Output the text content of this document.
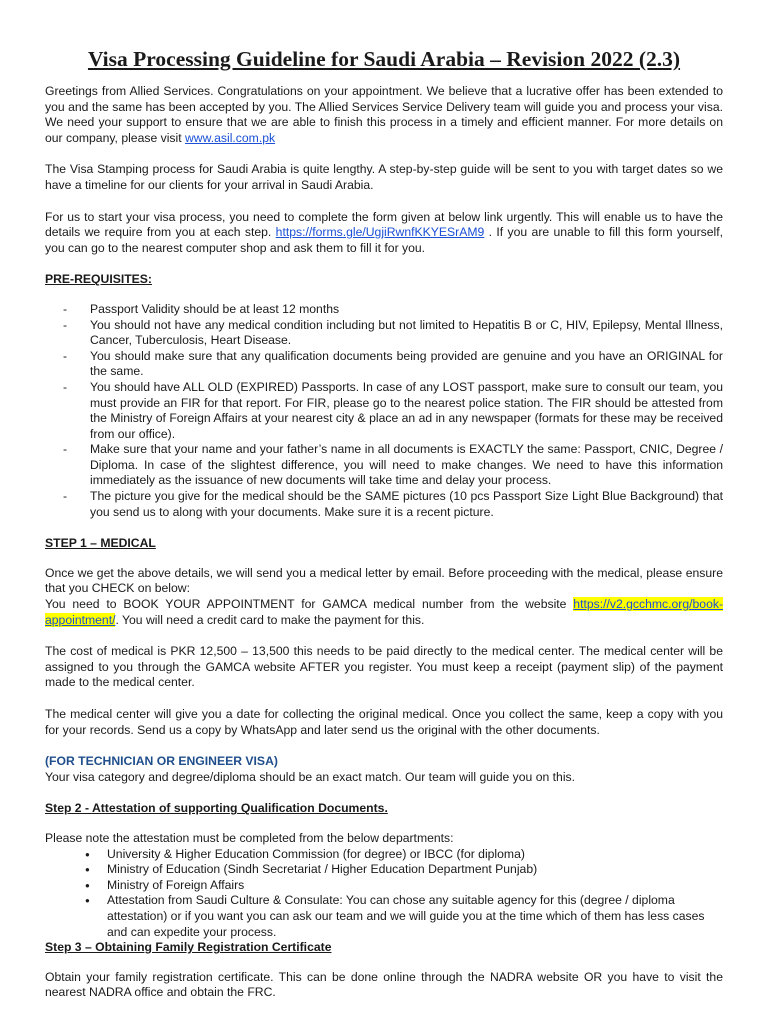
Visa Processing Guideline for Saudi Arabia – Revision 2022 (2.3)

Greetings from Allied Services. Congratulations on your appointment. We believe that a lucrative offer has been extended to you and the same has been accepted by you. The Allied Services Service Delivery team will guide you and process your visa. We need your support to ensure that we are able to finish this process in a timely and efficient manner. For more details on our company, please visit www.asil.com.pk

The Visa Stamping process for Saudi Arabia is quite lengthy. A step-by-step guide will be sent to you with target dates so we have a timeline for our clients for your arrival in Saudi Arabia.

For us to start your visa process, you need to complete the form given at below link urgently. This will enable us to have the details we require from you at each step. https://forms.gle/UgjiRwnfKKYESrAM9 . If you are unable to fill this form yourself, you can go to the nearest computer shop and ask them to fill it for you.

PRE-REQUISITES:
- Passport Validity should be at least 12 months
- You should not have any medical condition including but not limited to Hepatitis B or C, HIV, Epilepsy, Mental Illness, Cancer, Tuberculosis, Heart Disease.
- You should make sure that any qualification documents being provided are genuine and you have an ORIGINAL for the same.
- You should have ALL OLD (EXPIRED) Passports. In case of any LOST passport, make sure to consult our team, you must provide an FIR for that report. For FIR, please go to the nearest police station. The FIR should be attested from the Ministry of Foreign Affairs at your nearest city & place an ad in any newspaper (formats for these may be received from our office).
- Make sure that your name and your father’s name in all documents is EXACTLY the same: Passport, CNIC, Degree / Diploma. In case of the slightest difference, you will need to make changes. We need to have this information immediately as the issuance of new documents will take time and delay your process.
- The picture you give for the medical should be the SAME pictures (10 pcs Passport Size Light Blue Background) that you send us to along with your documents. Make sure it is a recent picture.
STEP 1 – MEDICAL

Once we get the above details, we will send you a medical letter by email. Before proceeding with the medical, please ensure that you CHECK on below:
You need to BOOK YOUR APPOINTMENT for GAMCA medical number from the website https://v2.gcchmc.org/book-appointment/. You will need a credit card to make the payment for this.

The cost of medical is PKR 12,500 – 13,500 this needs to be paid directly to the medical center. The medical center will be assigned to you through the GAMCA website AFTER you register. You must keep a receipt (payment slip) of the payment made to the medical center.

The medical center will give you a date for collecting the original medical. Once you collect the same, keep a copy with you for your records. Send us a copy by WhatsApp and later send us the original with the other documents.

(FOR TECHNICIAN OR ENGINEER VISA)

Your visa category and degree/diploma should be an exact match. Our team will guide you on this.

Step 2 - Attestation of supporting Qualification Documents.

Please note the attestation must be completed from the below departments:

● University & Higher Education Commission (for degree) or IBCC (for diploma)
● Ministry of Education (Sindh Secretariat / Higher Education Department Punjab)
● Ministry of Foreign Affairs
● Attestation from Saudi Culture & Consulate: You can chose any suitable agency for this (degree / diploma attestation) or if you want you can ask our team and we will guide you at the time which of them has less cases and can expedite your process.
Step 3 – Obtaining Family Registration Certificate

Obtain your family registration certificate. This can be done online through the NADRA website OR you have to visit the nearest NADRA office and obtain the FRC.
